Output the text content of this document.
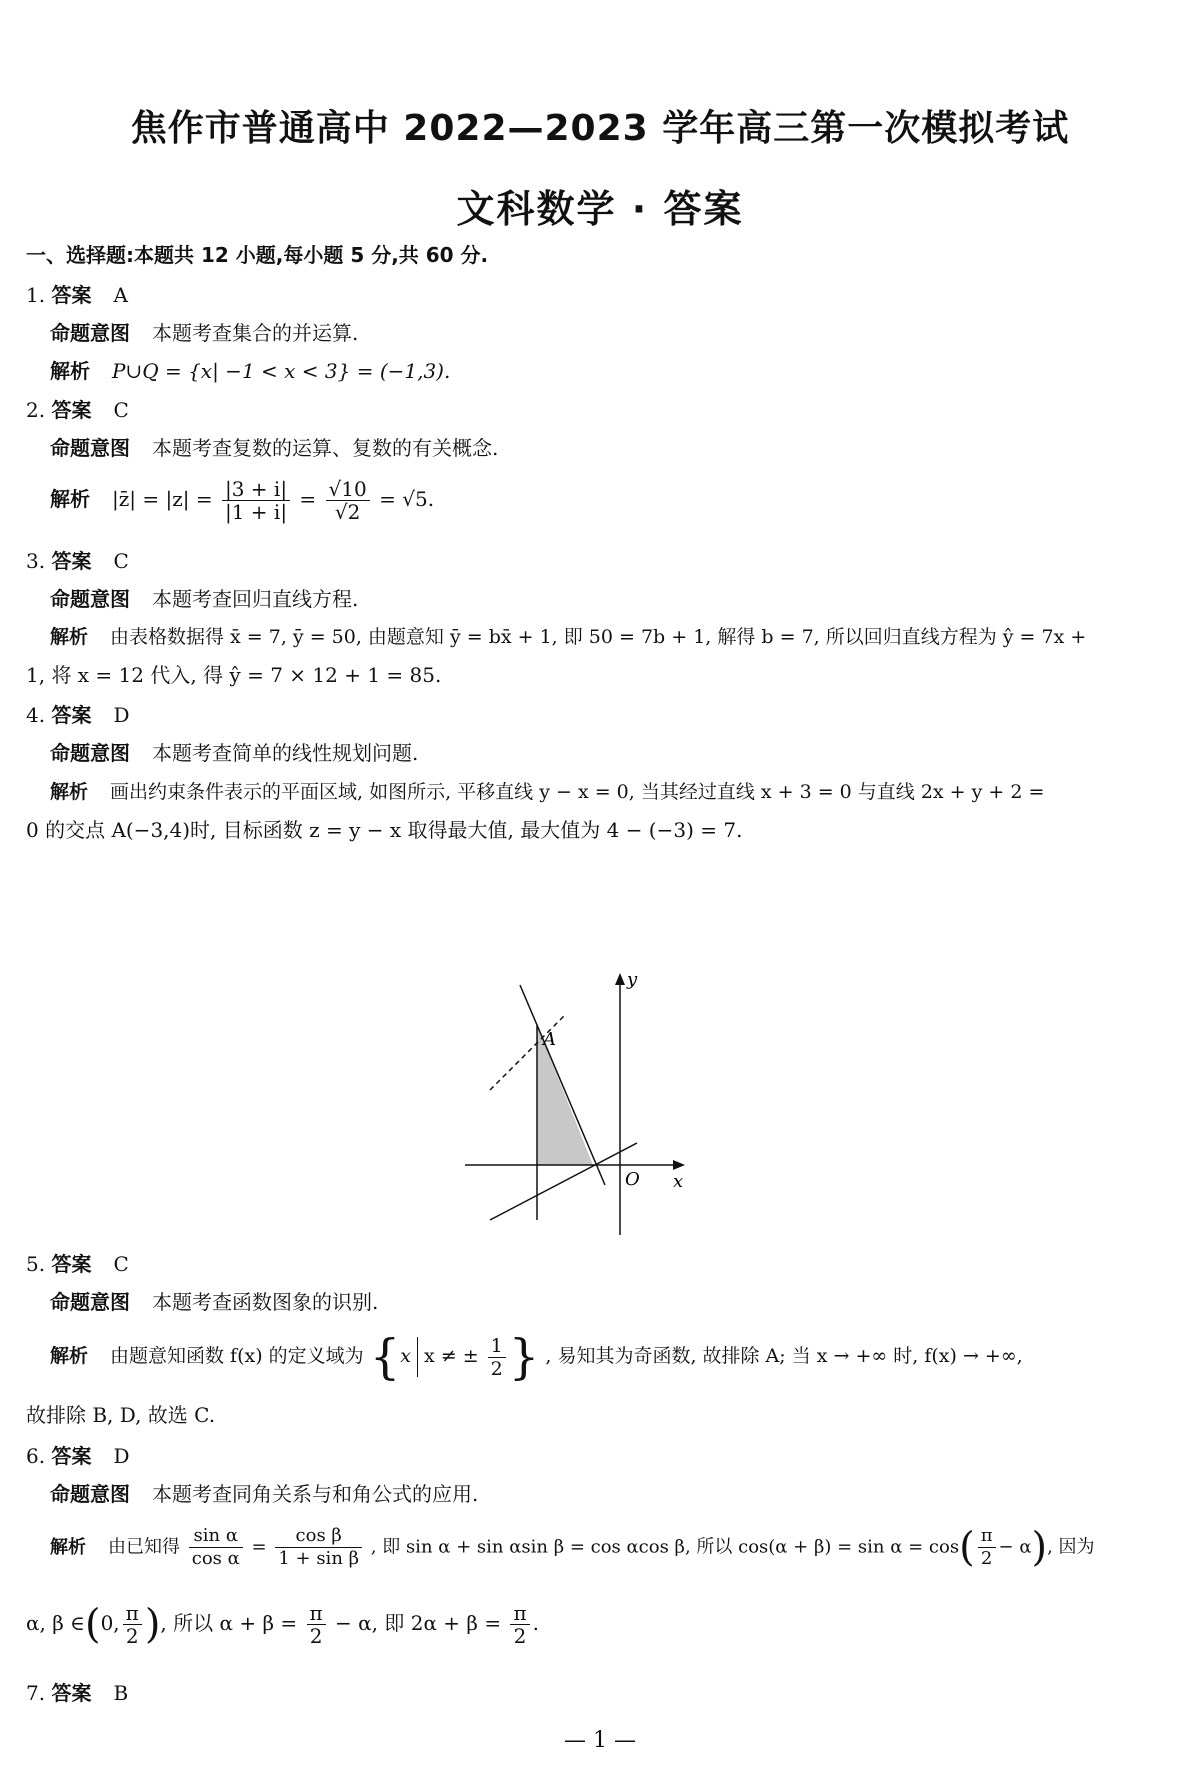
焦作市普通高中 2022—2023 学年高三第一次模拟考试
文科数学 · 答案
一、选择题:本题共 12 小题,每小题 5 分,共 60 分.
1. 答案 A
命题意图 本题考查集合的并运算.
解析 P∪Q = {x| −1 < x < 3} = (−1,3).
2. 答案 C
命题意图 本题考查复数的运算、复数的有关概念.
解析 |z̄| = $|z| = \frac{|3 + i|}{|1 + i|} = \frac{√10}{√2} = √5$.
3. 答案 C
命题意图 本题考查回归直线方程.
解析 由表格数据得 x̄ = 7, ȳ = 50, 由题意知 ȳ = bx̄ + 1, 即 50 = 7b + 1, 解得 b = 7, 所以回归直线方程为 ŷ = 7x +
1, 将 x = 12 代入, 得 ŷ = 7 × 12 + 1 = 85.
4. 答案 D
命题意图 本题考查简单的线性规划问题.
解析 画出约束条件表示的平面区域, 如图所示, 平移直线 y − x = 0, 当其经过直线 x + 3 = 0 与直线 2x + y + 2 =
0 的交点 A(−3,4)时, 目标函数 z = y − x 取得最大值, 最大值为 4 − (−3) = 7.
A
O x
y
5. 答案 C
命题意图 本题考查函数图象的识别.
解析 由题意知函数 f(x) 的定义域为 {x x ≠ ± $\frac{1}{2}$ } , 易知其为奇函数, 故排除 A; 当 x → +∞ 时, f(x) → +∞,
故排除 B, D, 故选 C.
6. 答案 D
命题意图 本题考查同角关系与和角公式的应用.
解析 由已知得 $\frac{\text{sin α}}{\text{cos α}} = \frac{\text{cos β}}{\text{1 + sin β}}$ , 即 sin α + sin αsin β = cos αcos β, 所以 $\cos(\alpha + \beta) = \sin \alpha = \cos( \frac{\pi}{2} - \alpha)$, 因为
α, β ∈(0, $\frac{\pi}{2}$ ), 所以 $\alpha + \beta = \frac{\pi}{2} - \alpha$, 即 $2\alpha + \beta = \frac{\pi}{2}$ .
7. 答案 B
— 1 —
